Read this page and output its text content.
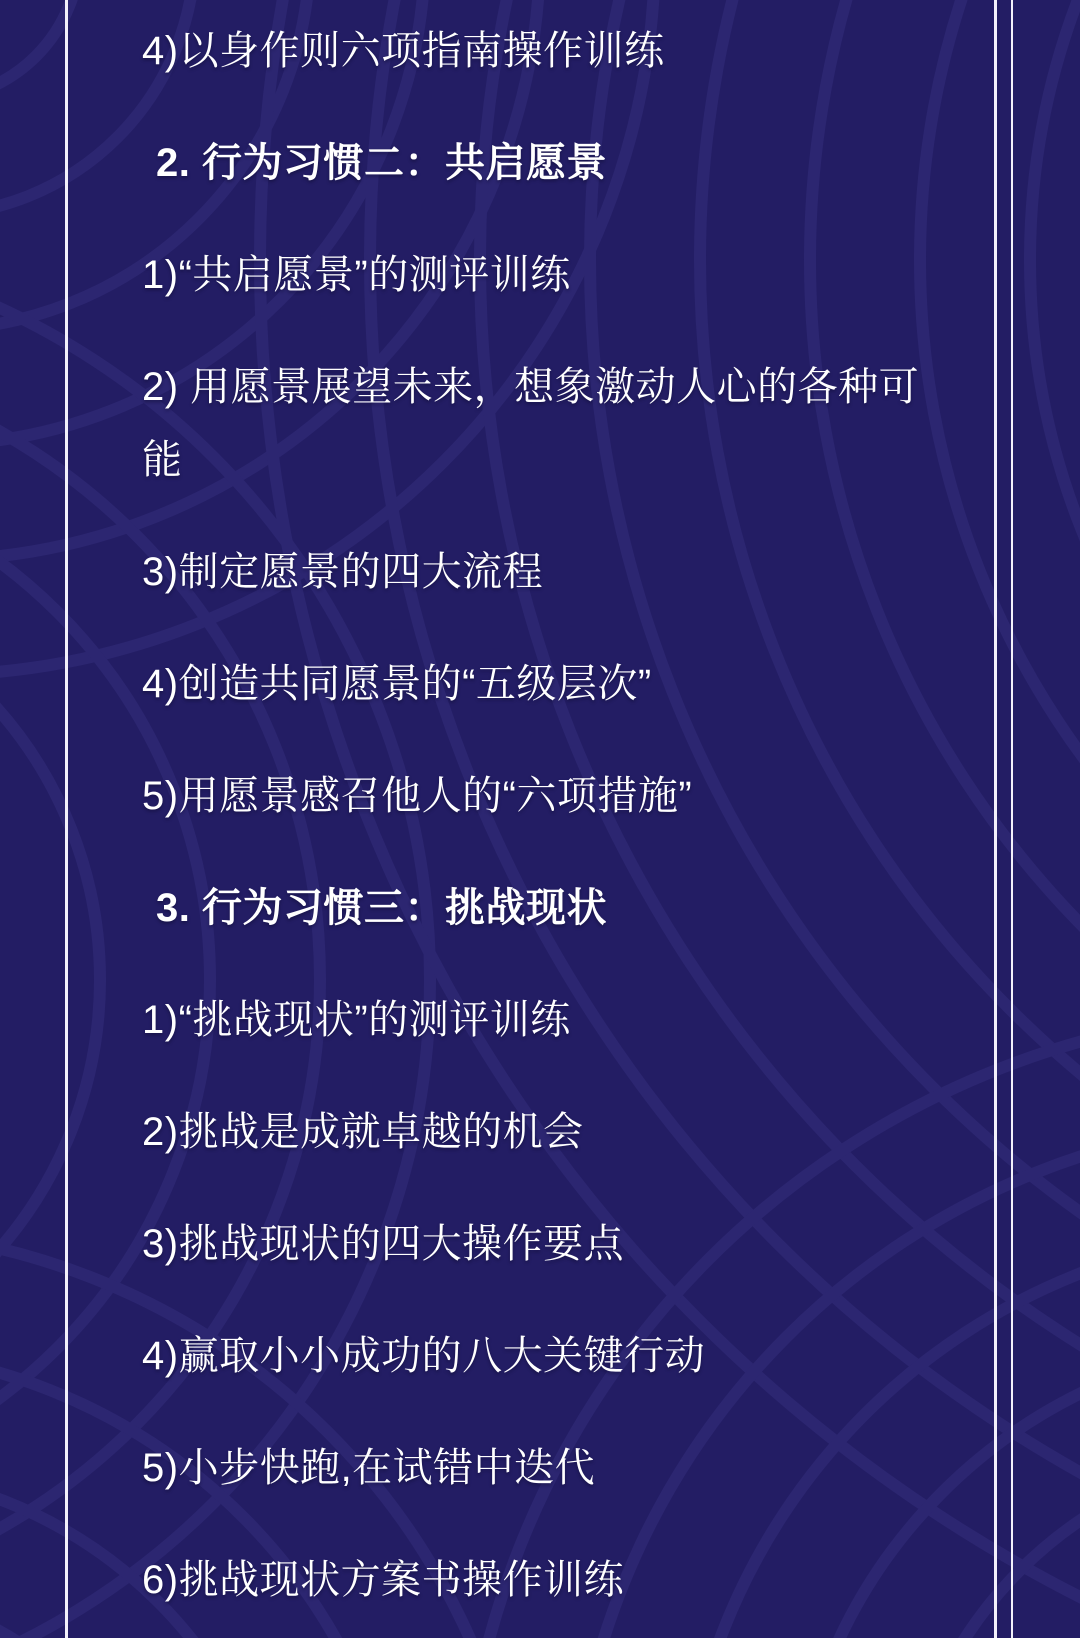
4)以身作则六项指南操作训练

2. 行为习惯二：共启愿景

1)“共启愿景”的测评训练

2) 用愿景展望未来，想象激动人心的各种可能

3)制定愿景的四大流程

4)创造共同愿景的“五级层次”

5)用愿景感召他人的“六项措施”

3. 行为习惯三：挑战现状

1)“挑战现状”的测评训练

2)挑战是成就卓越的机会

3)挑战现状的四大操作要点

4)赢取小小成功的八大关键行动

5)小步快跑,在试错中迭代

6)挑战现状方案书操作训练
